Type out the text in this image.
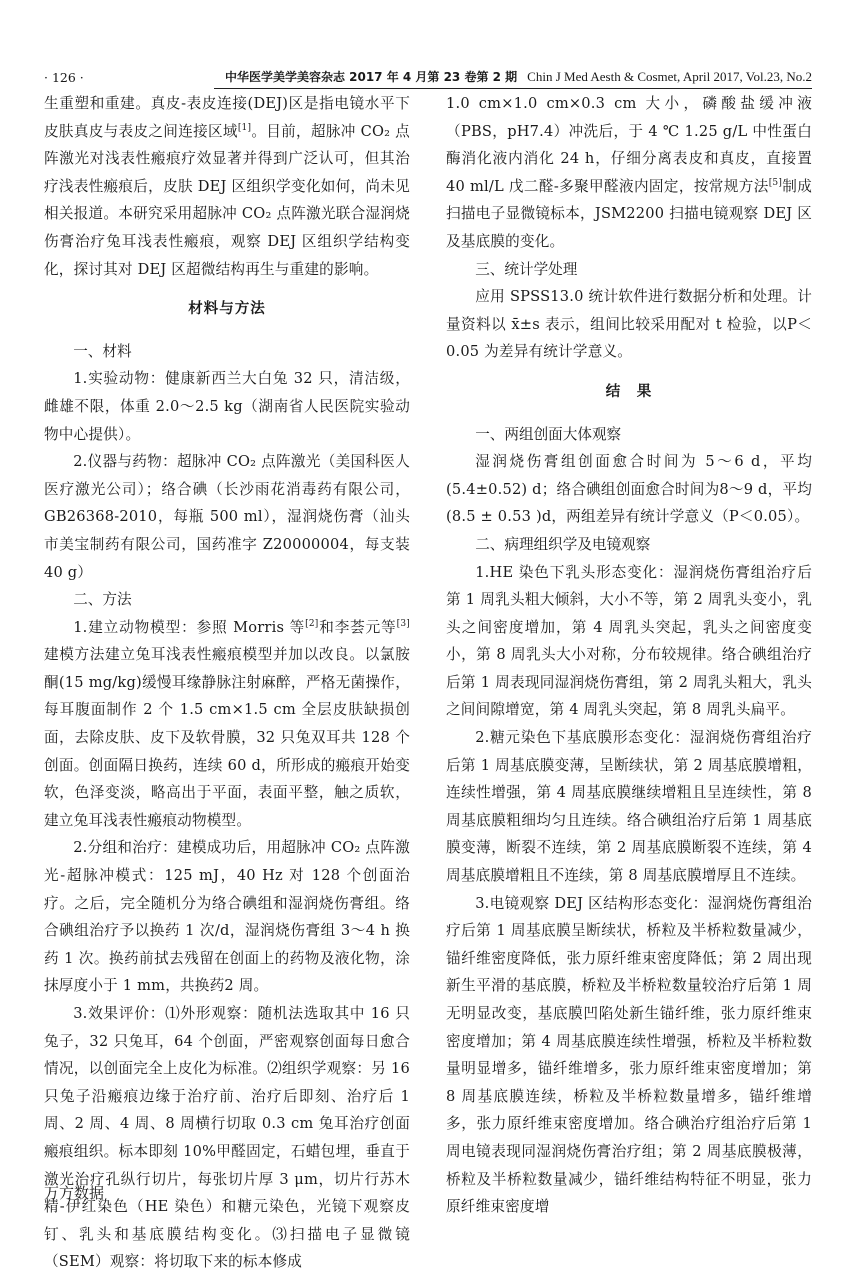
· 126 ·	中华医学美学美容杂志 2017 年 4 月第 23 卷第 2 期 Chin J Med Aesth & Cosmet, April 2017, Vol.23, No.2

生重塑和重建。真皮-表皮连接(DEJ)区是指电镜水平下皮肤真皮与表皮之间连接区域[1]。目前，超脉冲 CO₂ 点阵激光对浅表性瘢痕疗效显著并得到广泛认可，但其治疗浅表性瘢痕后，皮肤 DEJ 区组织学变化如何，尚未见相关报道。本研究采用超脉冲 CO₂ 点阵激光联合湿润烧伤膏治疗兔耳浅表性瘢痕，观察 DEJ 区组织学结构变化，探讨其对 DEJ 区超微结构再生与重建的影响。

材料与方法

一、材料

1.实验动物：健康新西兰大白兔 32 只，清洁级，雌雄不限，体重 2.0～2.5 kg（湖南省人民医院实验动物中心提供）。

2.仪器与药物：超脉冲 CO₂ 点阵激光（美国科医人医疗激光公司）；络合碘（长沙雨花消毒药有限公司，GB26368-2010，每瓶 500 ml），湿润烧伤膏（汕头市美宝制药有限公司，国药准字 Z20000004，每支装 40 g）

二、方法

1.建立动物模型：参照 Morris 等[2]和李荟元等[3]建模方法建立兔耳浅表性瘢痕模型并加以改良。以氯胺酮(15 mg/kg)缓慢耳缘静脉注射麻醉，严格无菌操作，每耳腹面制作 2 个 1.5 cm×1.5 cm 全层皮肤缺损创面，去除皮肤、皮下及软骨膜，32 只兔双耳共 128 个创面。创面隔日换药，连续 60 d，所形成的瘢痕开始变软，色泽变淡，略高出于平面，表面平整，触之质软，建立兔耳浅表性瘢痕动物模型。

2.分组和治疗：建模成功后，用超脉冲 CO₂ 点阵激光-超脉冲模式：125 mJ，40 Hz 对 128 个创面治疗。之后，完全随机分为络合碘组和湿润烧伤膏组。络合碘组治疗予以换药 1 次/d，湿润烧伤膏组 3～4 h 换药 1 次。换药前拭去残留在创面上的药物及液化物，涂抹厚度小于 1 mm，共换药2 周。

3.效果评价：⑴外形观察：随机法选取其中 16 只兔子，32 只兔耳，64 个创面，严密观察创面每日愈合情况，以创面完全上皮化为标准。⑵组织学观察：另 16 只兔子沿瘢痕边缘于治疗前、治疗后即刻、治疗后 1 周、2 周、4 周、8 周横行切取 0.3 cm 兔耳治疗创面瘢痕组织。标本即刻 10%甲醛固定，石蜡包埋，垂直于激光治疗孔纵行切片，每张切片厚 3 μm，切片行苏木精-伊红染色（HE 染色）和糖元染色，光镜下观察皮钉、乳头和基底膜结构变化。⑶扫描电子显微镜（SEM）观察：将切取下来的标本修成

1.0 cm×1.0 cm×0.3 cm 大小，磷酸盐缓冲液（PBS，pH7.4）冲洗后，于 4 ℃ 1.25 g/L 中性蛋白酶消化液内消化 24 h，仔细分离表皮和真皮，直接置 40 ml/L 戊二醛-多聚甲醛液内固定，按常规方法[5]制成扫描电子显微镜标本，JSM2200 扫描电镜观察 DEJ 区及基底膜的变化。

三、统计学处理

应用 SPSS13.0 统计软件进行数据分析和处理。计量资料以 x̄±s 表示，组间比较采用配对 t 检验，以P＜0.05 为差异有统计学意义。

结　果

一、两组创面大体观察

湿润烧伤膏组创面愈合时间为 5～6 d，平均(5.4±0.52) d；络合碘组创面愈合时间为8～9 d，平均(8.5 ± 0.53 )d，两组差异有统计学意义（P＜0.05）。

二、病理组织学及电镜观察

1.HE 染色下乳头形态变化：湿润烧伤膏组治疗后第 1 周乳头粗大倾斜，大小不等，第 2 周乳头变小，乳头之间密度增加，第 4 周乳头突起，乳头之间密度变小，第 8 周乳头大小对称，分布较规律。络合碘组治疗后第 1 周表现同湿润烧伤膏组，第 2 周乳头粗大，乳头之间间隙增宽，第 4 周乳头突起，第 8 周乳头扁平。

2.糖元染色下基底膜形态变化：湿润烧伤膏组治疗后第 1 周基底膜变薄，呈断续状，第 2 周基底膜增粗，连续性增强，第 4 周基底膜继续增粗且呈连续性，第 8 周基底膜粗细均匀且连续。络合碘组治疗后第 1 周基底膜变薄，断裂不连续，第 2 周基底膜断裂不连续，第 4 周基底膜增粗且不连续，第 8 周基底膜增厚且不连续。

3.电镜观察 DEJ 区结构形态变化：湿润烧伤膏组治疗后第 1 周基底膜呈断续状，桥粒及半桥粒数量减少，锚纤维密度降低，张力原纤维束密度降低；第 2 周出现新生平滑的基底膜，桥粒及半桥粒数量较治疗后第 1 周无明显改变，基底膜凹陷处新生锚纤维，张力原纤维束密度增加；第 4 周基底膜连续性增强，桥粒及半桥粒数量明显增多，锚纤维增多，张力原纤维束密度增加；第 8 周基底膜连续，桥粒及半桥粒数量增多，锚纤维增多，张力原纤维束密度增加。络合碘治疗组治疗后第 1 周电镜表现同湿润烧伤膏治疗组；第 2 周基底膜极薄，桥粒及半桥粒数量减少，锚纤维结构特征不明显，张力原纤维束密度增

万方数据
